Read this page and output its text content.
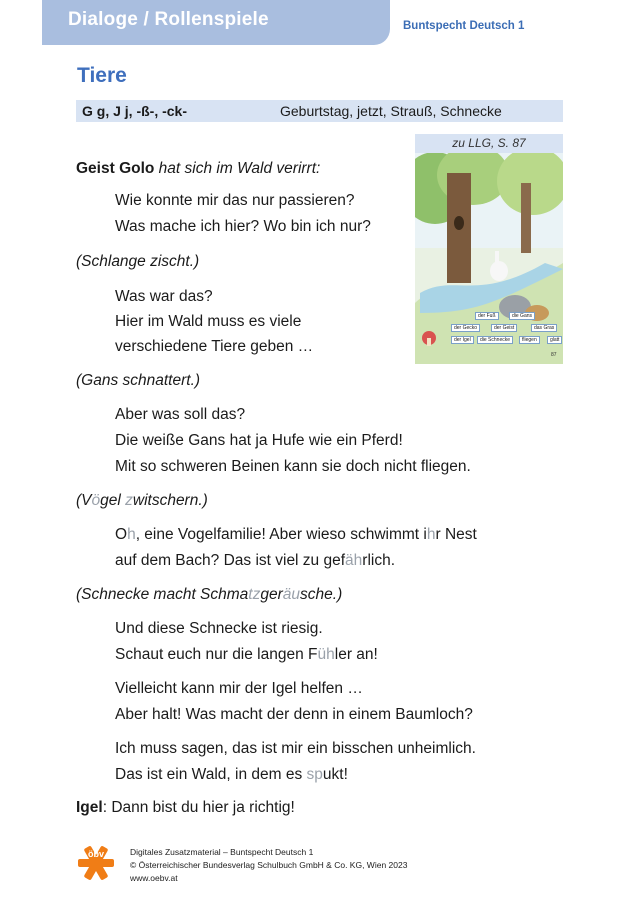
Dialoge / Rollenspiele	Buntspecht Deutsch 1
Tiere
G g, J j, -ß-, -ck-	Geburtstag, jetzt, Strauß, Schnecke
zu LLG, S. 87
der Fuß	die Gans
der Gecko	der Geist	das Gras
der Igel	die Schnecke	fliegen	glatt
87
Geist Golo hat sich im Wald verirrt:
Wie konnte mir das nur passieren?
Was mache ich hier? Wo bin ich nur?
(Schlange zischt.)
Was war das?
Hier im Wald muss es viele
verschiedene Tiere geben …
(Gans schnattert.)
Aber was soll das?
Die weiße Gans hat ja Hufe wie ein Pferd!
Mit so schweren Beinen kann sie doch nicht fliegen.
(Vögel zwitschern.)
Oh, eine Vogelfamilie! Aber wieso schwimmt ihr Nest
auf dem Bach? Das ist viel zu gefährlich.
(Schnecke macht Schmatzgeräusche.)
Und diese Schnecke ist riesig.
Schaut euch nur die langen Fühler an!
Vielleicht kann mir der Igel helfen …
Aber halt! Was macht der denn in einem Baumloch?
Ich muss sagen, das ist mir ein bisschen unheimlich.
Das ist ein Wald, in dem es spukt!
Igel: Dann bist du hier ja richtig!
öbv	Digitales Zusatzmaterial – Buntspecht Deutsch 1
© Österreichischer Bundesverlag Schulbuch GmbH & Co. KG, Wien 2023
www.oebv.at
